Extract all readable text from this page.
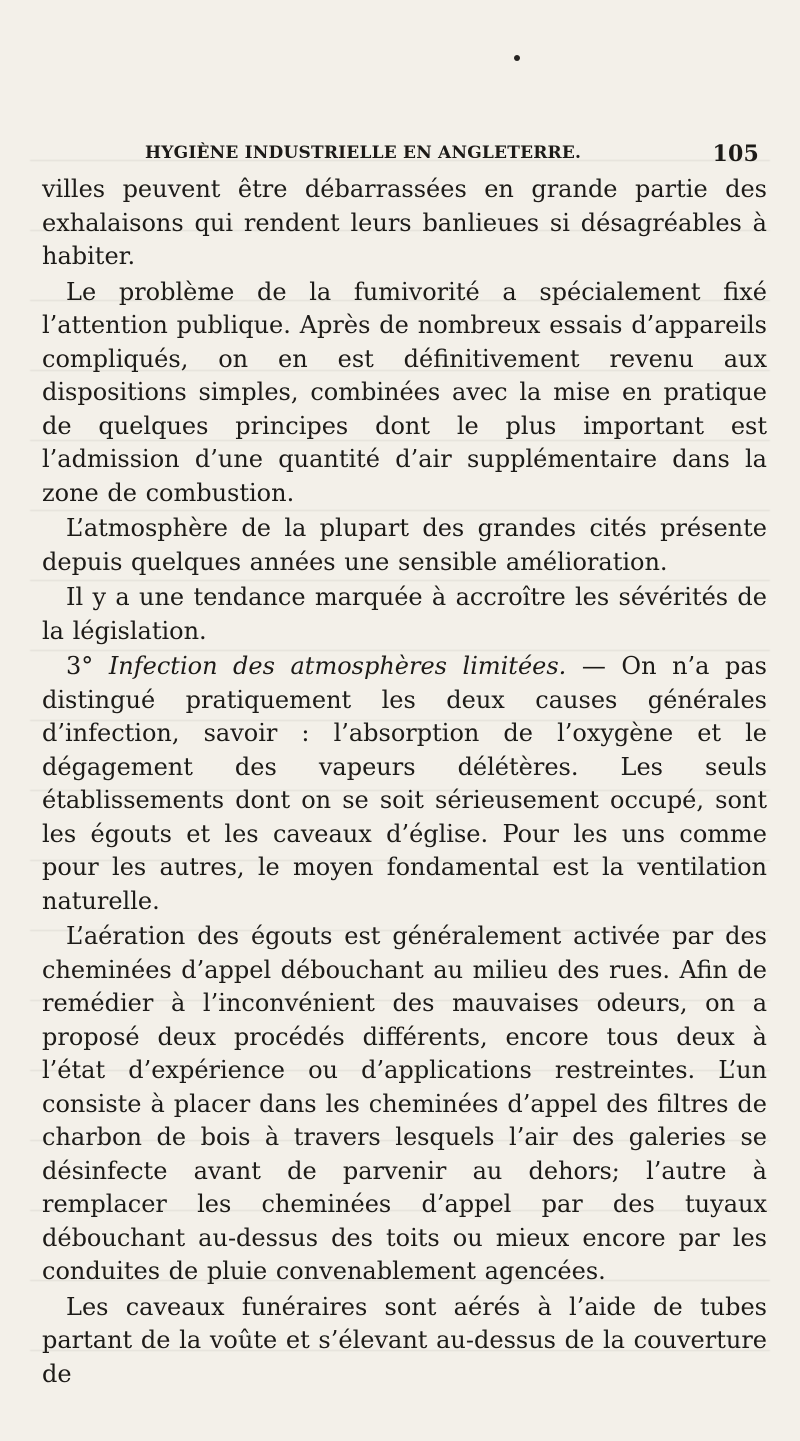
HYGIÈNE INDUSTRIELLE EN ANGLETERRE.	105

villes peuvent être débarrassées en grande partie des exhalaisons qui rendent leurs banlieues si désagréables à habiter.

Le problème de la fumivorité a spécialement fixé l’attention publique. Après de nombreux essais d’appareils compliqués, on en est définitivement revenu aux dispositions simples, combinées avec la mise en pratique de quelques principes dont le plus important est l’admission d’une quantité d’air supplémentaire dans la zone de combustion.

L’atmosphère de la plupart des grandes cités présente depuis quelques années une sensible amélioration.

Il y a une tendance marquée à accroître les sévérités de la législation.

3° Infection des atmosphères limitées. — On n’a pas distingué pratiquement les deux causes générales d’infection, savoir : l’absorption de l’oxygène et le dégagement des vapeurs délétères. Les seuls établissements dont on se soit sérieusement occupé, sont les égouts et les caveaux d’église. Pour les uns comme pour les autres, le moyen fondamental est la ventilation naturelle.

L’aération des égouts est généralement activée par des cheminées d’appel débouchant au milieu des rues. Afin de remédier à l’inconvénient des mauvaises odeurs, on a proposé deux procédés différents, encore tous deux à l’état d’expérience ou d’applications restreintes. L’un consiste à placer dans les cheminées d’appel des filtres de charbon de bois à travers lesquels l’air des galeries se désinfecte avant de parvenir au dehors; l’autre à remplacer les cheminées d’appel par des tuyaux débouchant au-dessus des toits ou mieux encore par les conduites de pluie convenablement agencées.

Les caveaux funéraires sont aérés à l’aide de tubes partant de la voûte et s’élevant au-dessus de la couverture de
